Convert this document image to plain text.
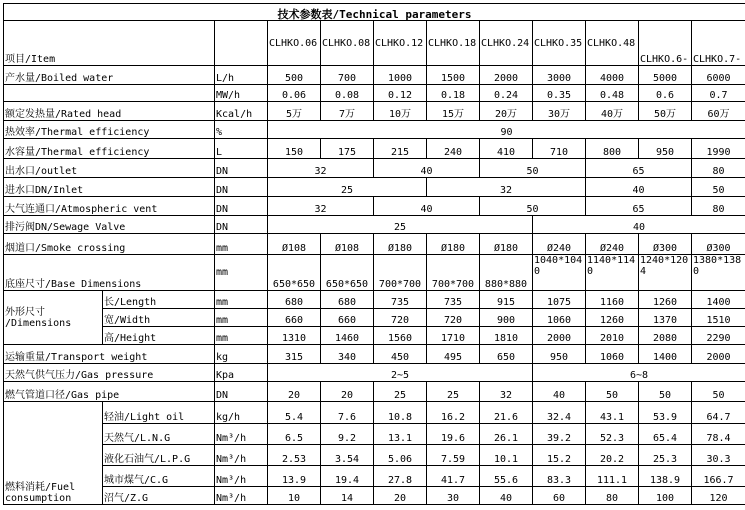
技术参数表/Technical parameters											
项目/Item			CLHKO.06	CLHKO.08	CLHKO.12	CLHKO.18	CLHKO.24	CLHKO.35	CLHKO.48	CLHKO.6-	CLHKO.7-
产水量/Boiled water		L/h	500	700	1000	1500	2000	3000	4000	5000	6000
		MW/h	0.06	0.08	0.12	0.18	0.24	0.35	0.48	0.6	0.7
额定发热量/Rated head		Kcal/h	5万	7万	10万	15万	20万	30万	40万	50万	60万
热效率/Thermal efficiency		%	90								
水容量/Thermal efficiency		L	150	175	215	240	410	710	800	950	1990
出水口/outlet		DN	32		40		50		65		80
进水口DN/Inlet		DN	25			32			40		50
大气连通口/Atmospheric vent		DN	32		40		50		65		80
排污阀DN/Sewage Valve		DN	25					40			
烟道口/Smoke crossing		mm	Ø108	Ø108	Ø180	Ø180	Ø180	Ø240	Ø240	Ø300	Ø300
底座尺寸/Base Dimensions		mm	650*650	650*650	700*700	700*700	880*880	1040*104 0	1140*114 0	1240*120 4	1380*138 0
外形尺寸 /Dimensions	长/Length	mm	680	680	735	735	915	1075	1160	1260	1400
	宽/Width	mm	660	660	720	720	900	1060	1260	1370	1510
	高/Height	mm	1310	1460	1560	1710	1810	2000	2010	2080	2290
运输重量/Transport weight		kg	315	340	450	495	650	950	1060	1400	2000
天然气供气压力/Gas pressure		Kpa	2~5					6~8			
燃气管道口径/Gas pipe		DN	20	20	25	25	32	40	50	50	50
燃料消耗/Fuel consumption	轻油/Light oil	kg/h	5.4	7.6	10.8	16.2	21.6	32.4	43.1	53.9	64.7
	天然气/L.N.G	Nm³/h	6.5	9.2	13.1	19.6	26.1	39.2	52.3	65.4	78.4
	液化石油气/L.P.G	Nm³/h	2.53	3.54	5.06	7.59	10.1	15.2	20.2	25.3	30.3
	城市煤气/C.G	Nm³/h	13.9	19.4	27.8	41.7	55.6	83.3	111.1	138.9	166.7
	沼气/Z.G	Nm³/h	10	14	20	30	40	60	80	100	120
